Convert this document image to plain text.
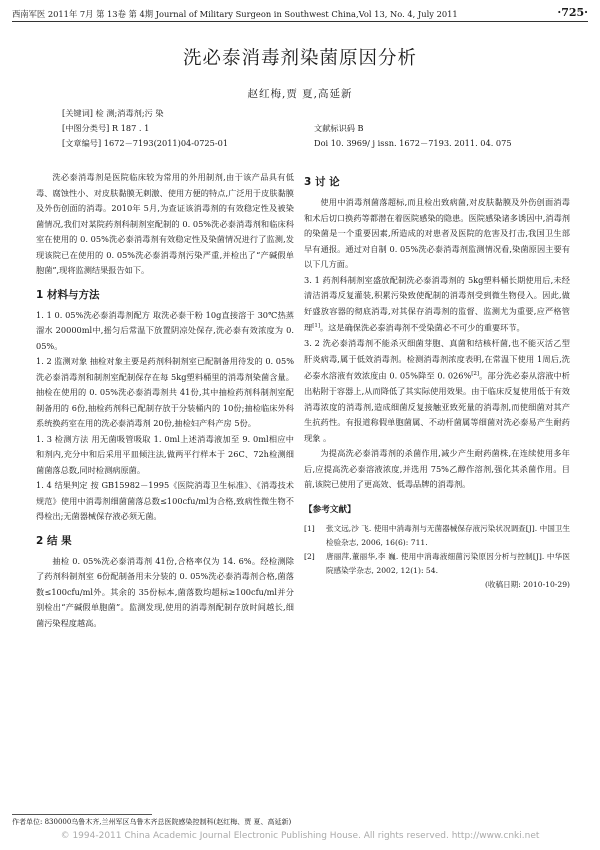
西南军医 2011年 7月 第 13卷 第 4期 Journal of Military Surgeon in Southwest China,Vol 13, No. 4, July 2011	·725·
洗必泰消毒剂染菌原因分析
赵红梅,贾 夏,高延新
[关键词] 检 测;消毒剂;污 染
[中图分类号] R 187 . 1	文献标识码 B
[文章编号] 1672－7193(2011)04-0725-01	Doi 10. 3969/ j issn. 1672－7193. 2011. 04. 075

洗必泰消毒剂是医院临床较为常用的外用制剂,由于该产品具有低毒、腐蚀性小、对皮肤黏膜无刺激、使用方便的特点,广泛用于皮肤黏膜及外伤创面的消毒。2010年 5月,为查证该消毒剂的有效稳定性及被染菌情况,我们对某院药剂科制剂室配制的 0. 05%洗必泰消毒剂和临床科室在使用的 0. 05%洗必泰消毒剂有效稳定性及染菌情况进行了监测,发现该院已在使用的 0. 05%洗必泰消毒剂污染严重,并检出了“产碱假单胞菌”,现将监测结果报告如下。

1 材料与方法

1. 1 0. 05%洗必泰消毒剂配方 取洗必泰干粉 10g直接溶于 30℃热蒸溜水 20000ml中,摇匀后常温下放置阴凉处保存,洗必泰有效浓度为 0. 05%。

1. 2 监测对象 抽检对象主要是药剂科制剂室已配制备用待发的 0. 05%洗必泰消毒剂和制剂室配制保存在每 5kg塑料桶里的消毒剂染菌含量。抽检在使用的 0. 05%洗必泰消毒剂共 41份,其中抽检药剂科制剂室配制备用的 6份,抽检药剂科已配制存放于分装桶内的 10份;抽检临床外科系统换药室在用的洗必泰消毒剂 20份,抽检妇产科产房 5份。

1. 3 检测方法 用无菌吸管吸取 1. 0ml上述消毒液加至 9. 0ml相应中和剂内,充分中和后采用平皿倾注法,做两平行样本于 26C、72h检测细菌菌落总数,同时检测病原菌。

1. 4 结果判定 按 GB15982－1995《医院消毒卫生标准》、《消毒技术规范》使用中消毒剂细菌菌落总数≤100cfu/ml为合格,致病性微生物不得检出;无菌器械保存液必须无菌。

2 结 果

抽检 0. 05%洗必泰消毒剂 41份,合格率仅为 14. 6%。经检测除了药剂科制剂室 6份配制备用未分装的 0. 05%洗必泰消毒剂合格,菌落数≤100cfu/ml外。其余的 35份标本,菌落数均超标≥100cfu/ml并分别检出“产碱假单胞菌”。监测发现,使用的消毒剂配制存放时间越长,细菌污染程度越高。

3 讨 论

使用中消毒剂菌落超标,而且检出致病菌,对皮肤黏膜及外伤创面消毒和术后切口换药等都潜在着医院感染的隐患。医院感染诸多诱因中,消毒剂的染菌是一个重要因素,所造成的对患者及医院的危害及打击,我国卫生部早有通报。通过对自制 0. 05%洗必泰消毒剂监测情况看,染菌原因主要有以下几方面。

3. 1 药剂科制剂室盛放配制洗必泰消毒剂的 5kg塑料桶长期使用后,未经清洁消毒反复灌装,积累污染致使配制的消毒剂受到微生物侵入。因此,做好盛放容器的彻底消毒,对其保存消毒剂的监督、监测尤为重要,应严格管理[1]。这是确保洗必泰消毒剂不受染菌必不可少的重要环节。

3. 2 洗必泰消毒剂不能杀灭细菌芽胞、真菌和结核杆菌,也不能灭活乙型肝炎病毒,属于低效消毒剂。检测消毒剂浓度表明,在常温下使用 1周后,洗必泰水溶液有效浓度由 0. 05%降至 0. 026%[2]。部分洗必泰从溶液中析出粘附于容器上,从而降低了其实际使用效果。由于临床反复使用低于有效消毒浓度的消毒剂,造成细菌反复接触亚致死量的消毒剂,而使细菌对其产生抗药性。有报道称假单胞菌属、不动杆菌属等细菌对洗必泰易产生耐药现象 。

为提高洗必泰消毒剂的杀菌作用,减少产生耐药菌株,在连续使用多年后,应提高洗必泰溶液浓度,并选用 75%乙醇作溶剂,强化其杀菌作用。目前,该院已使用了更高效、低毒品牌的消毒剂。

【参考文献】
[1] 张文远,沙 飞. 使用中消毒剂与无菌器械保存液污染状况调查[J]. 中国卫生检验杂志, 2006, 16(6): 711.
[2] 唐丽萍,董丽华,李 巍. 使用中消毒液细菌污染原因分析与控制[J]. 中华医院感染学杂志, 2002, 12(1): 54.
(收稿日期: 2010-10-29)
作者单位: 830000乌鲁木齐,兰州军区乌鲁木齐总医院感染控制科(赵红梅、贾 夏、高延新)
© 1994-2011 China Academic Journal Electronic Publishing House. All rights reserved. http://www.cnki.net
